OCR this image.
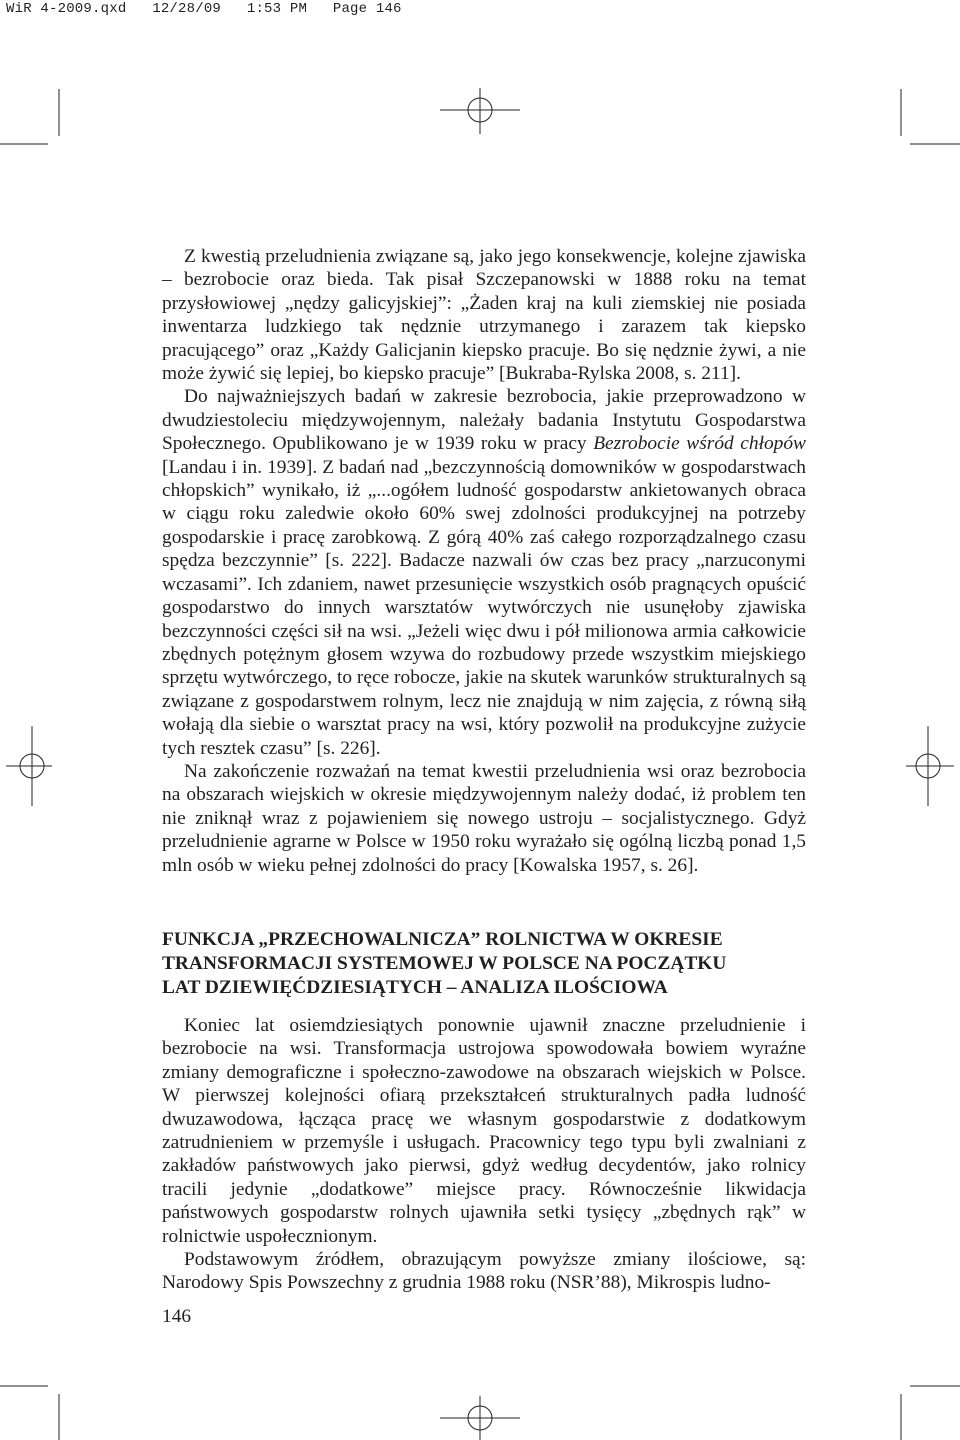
WiR 4-2009.qxd   12/28/09   1:53 PM   Page 146

Z kwestią przeludnienia związane są, jako jego konsekwencje, kolejne zjawiska – bezrobocie oraz bieda. Tak pisał Szczepanowski w 1888 roku na temat przysłowiowej „nędzy galicyjskiej”: „Żaden kraj na kuli ziemskiej nie posiada inwentarza ludzkiego tak nędznie utrzymanego i zarazem tak kiepsko pracującego” oraz „Każdy Galicjanin kiepsko pracuje. Bo się nędznie żywi, a nie może żywić się lepiej, bo kiepsko pracuje” [Bukraba-Rylska 2008, s. 211].

Do najważniejszych badań w zakresie bezrobocia, jakie przeprowadzono w dwudziestoleciu międzywojennym, należały badania Instytutu Gospodarstwa Społecznego. Opublikowano je w 1939 roku w pracy Bezrobocie wśród chłopów [Landau i in. 1939]. Z badań nad „bezczynnością domowników w gospodarstwach chłopskich” wynikało, iż „...ogółem ludność gospodarstw ankietowanych obraca w ciągu roku zaledwie około 60% swej zdolności produkcyjnej na potrzeby gospodarskie i pracę zarobkową. Z górą 40% zaś całego rozporządzalnego czasu spędza bezczynnie” [s. 222]. Badacze nazwali ów czas bez pracy „narzuconymi wczasami”. Ich zdaniem, nawet przesunięcie wszystkich osób pragnących opuścić gospodarstwo do innych warsztatów wytwórczych nie usunęłoby zjawiska bezczynności części sił na wsi. „Jeżeli więc dwu i pół milionowa armia całkowicie zbędnych potężnym głosem wzywa do rozbudowy przede wszystkim miejskiego sprzętu wytwórczego, to ręce robocze, jakie na skutek warunków strukturalnych są związane z gospodarstwem rolnym, lecz nie znajdują w nim zajęcia, z równą siłą wołają dla siebie o warsztat pracy na wsi, który pozwolił na produkcyjne zużycie tych resztek czasu” [s. 226].

Na zakończenie rozważań na temat kwestii przeludnienia wsi oraz bezrobocia na obszarach wiejskich w okresie międzywojennym należy dodać, iż problem ten nie zniknął wraz z pojawieniem się nowego ustroju – socjalistycznego. Gdyż przeludnienie agrarne w Polsce w 1950 roku wyrażało się ogólną liczbą ponad 1,5 mln osób w wieku pełnej zdolności do pracy [Kowalska 1957, s. 26].

FUNKCJA „PRZECHOWALNICZA” ROLNICTWA W OKRESIE
TRANSFORMACJI SYSTEMOWEJ W POLSCE NA POCZĄTKU
LAT DZIEWIĘĆDZIESIĄTYCH – ANALIZA ILOŚCIOWA

Koniec lat osiemdziesiątych ponownie ujawnił znaczne przeludnienie i bezrobocie na wsi. Transformacja ustrojowa spowodowała bowiem wyraźne zmiany demograficzne i społeczno-zawodowe na obszarach wiejskich w Polsce. W pierwszej kolejności ofiarą przekształceń strukturalnych padła ludność dwuzawodowa, łącząca pracę we własnym gospodarstwie z dodatkowym zatrudnieniem w przemyśle i usługach. Pracownicy tego typu byli zwalniani z zakładów państwowych jako pierwsi, gdyż według decydentów, jako rolnicy tracili jedynie „dodatkowe” miejsce pracy. Równocześnie likwidacja państwowych gospodarstw rolnych ujawniła setki tysięcy „zbędnych rąk” w rolnictwie uspołecznionym.

Podstawowym źródłem, obrazującym powyższe zmiany ilościowe, są: Narodowy Spis Powszechny z grudnia 1988 roku (NSR’88), Mikrospis ludno-

146
